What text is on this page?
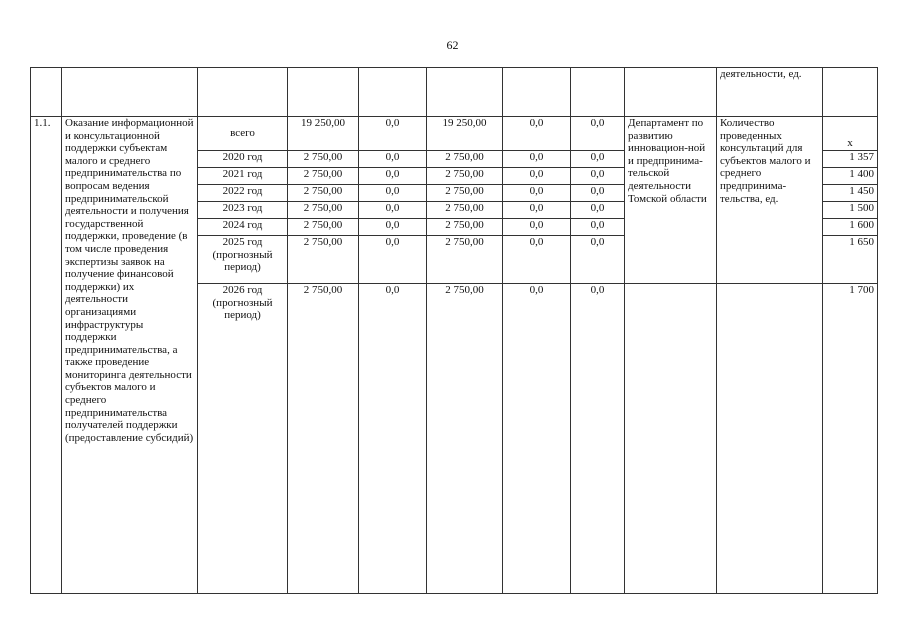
62
									деятельности, ед.	
1.1.	Оказание информационной и консультационной поддержки субъектам малого и среднего предпринимательства по вопросам ведения предпринимательской деятельности и получения государственной поддержки, проведение (в том числе проведения экспертизы заявок на получение финансовой поддержки) их деятельности организациями инфраструктуры поддержки предпринимательства, а также проведение мониторинга деятельности субъектов малого и среднего предпринимательства получателей поддержки (предоставление субсидий)	всего	19 250,00	0,0	19 250,00	0,0	0,0	Департамент по развитию инновацион-ной и предпринима-тельской деятельности Томской области	Количество проведенных консультаций для субъектов малого и среднего предпринима-тельства, ед.	х
		2020 год	2 750,00	0,0	2 750,00	0,0	0,0			1 357
		2021 год	2 750,00	0,0	2 750,00	0,0	0,0			1 400
		2022 год	2 750,00	0,0	2 750,00	0,0	0,0			1 450
		2023 год	2 750,00	0,0	2 750,00	0,0	0,0			1 500
		2024 год	2 750,00	0,0	2 750,00	0,0	0,0			1 600
		2025 год (прогнозный период)	2 750,00	0,0	2 750,00	0,0	0,0			1 650
		2026 год (прогнозный период)	2 750,00	0,0	2 750,00	0,0	0,0			1 700
